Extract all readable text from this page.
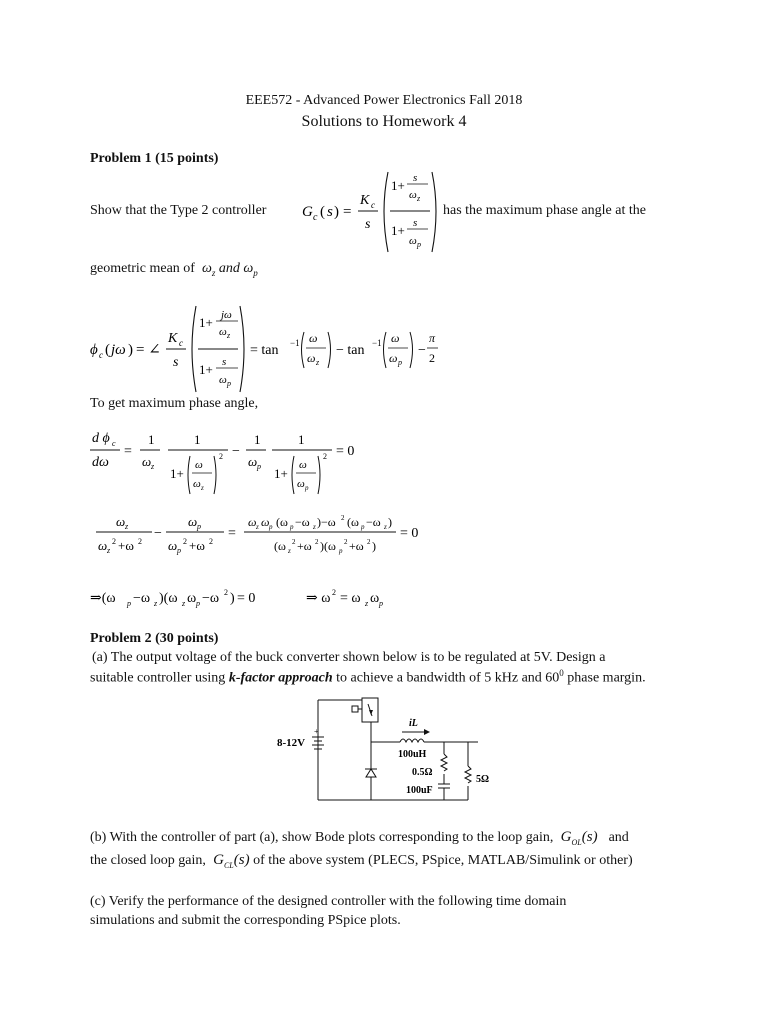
EEE572 - Advanced Power Electronics Fall 2018
Solutions to Homework 4
Problem 1 (15 points)
Show that the Type 2 controller G c ( s ) =
K c
s
1+ s
ω z
1+ s
ω p
has the maximum phase angle at the
geometric mean of  $\omega_z$ and $\omega_p$
ϕ c ( jω ) = ∠
K c
s
1+ jω
ω z
1+ s
ω p
= tan −1 ω
ω z
− tan −1 ω
ω p
−
π
2
To get maximum phase angle,
d ϕ c
dω
=
1
ω z
1
1+
ω
ω z
2 −
1
ω p
1
1+
ω
ω p
2 = 0
ω z
ω z
2 +ω 2
−
ω p
ω p
2 +ω 2
=
ω z ω p (ω p −ω z )−ω 2 (ω p −ω z )
(ω z
2 +ω 2 )(ω p
2 +ω 2 )
= 0
⇒(ω p −ω z )(ω z ω p −ω 2 ) = 0	⇒ ω 2 = ω z ω p
Problem 2 (30 points)
(a) The output voltage of the buck converter shown below is to be regulated at 5V. Design a
suitable controller using k-factor approach to achieve a bandwidth of 5 kHz and $60^0$ phase margin.
8-12V
+
iL
100uH
0.5Ω
100uF
5Ω
(b) With the controller of part (a), show Bode plots corresponding to the loop gain,  $G_{OL}(s)$   and
the closed loop gain,  $G_{CL}(s)$ of the above system (PLECS, PSpice, MATLAB/Simulink or other)
(c) Verify the performance of the designed controller with the following time domain
simulations and submit the corresponding PSpice plots.
